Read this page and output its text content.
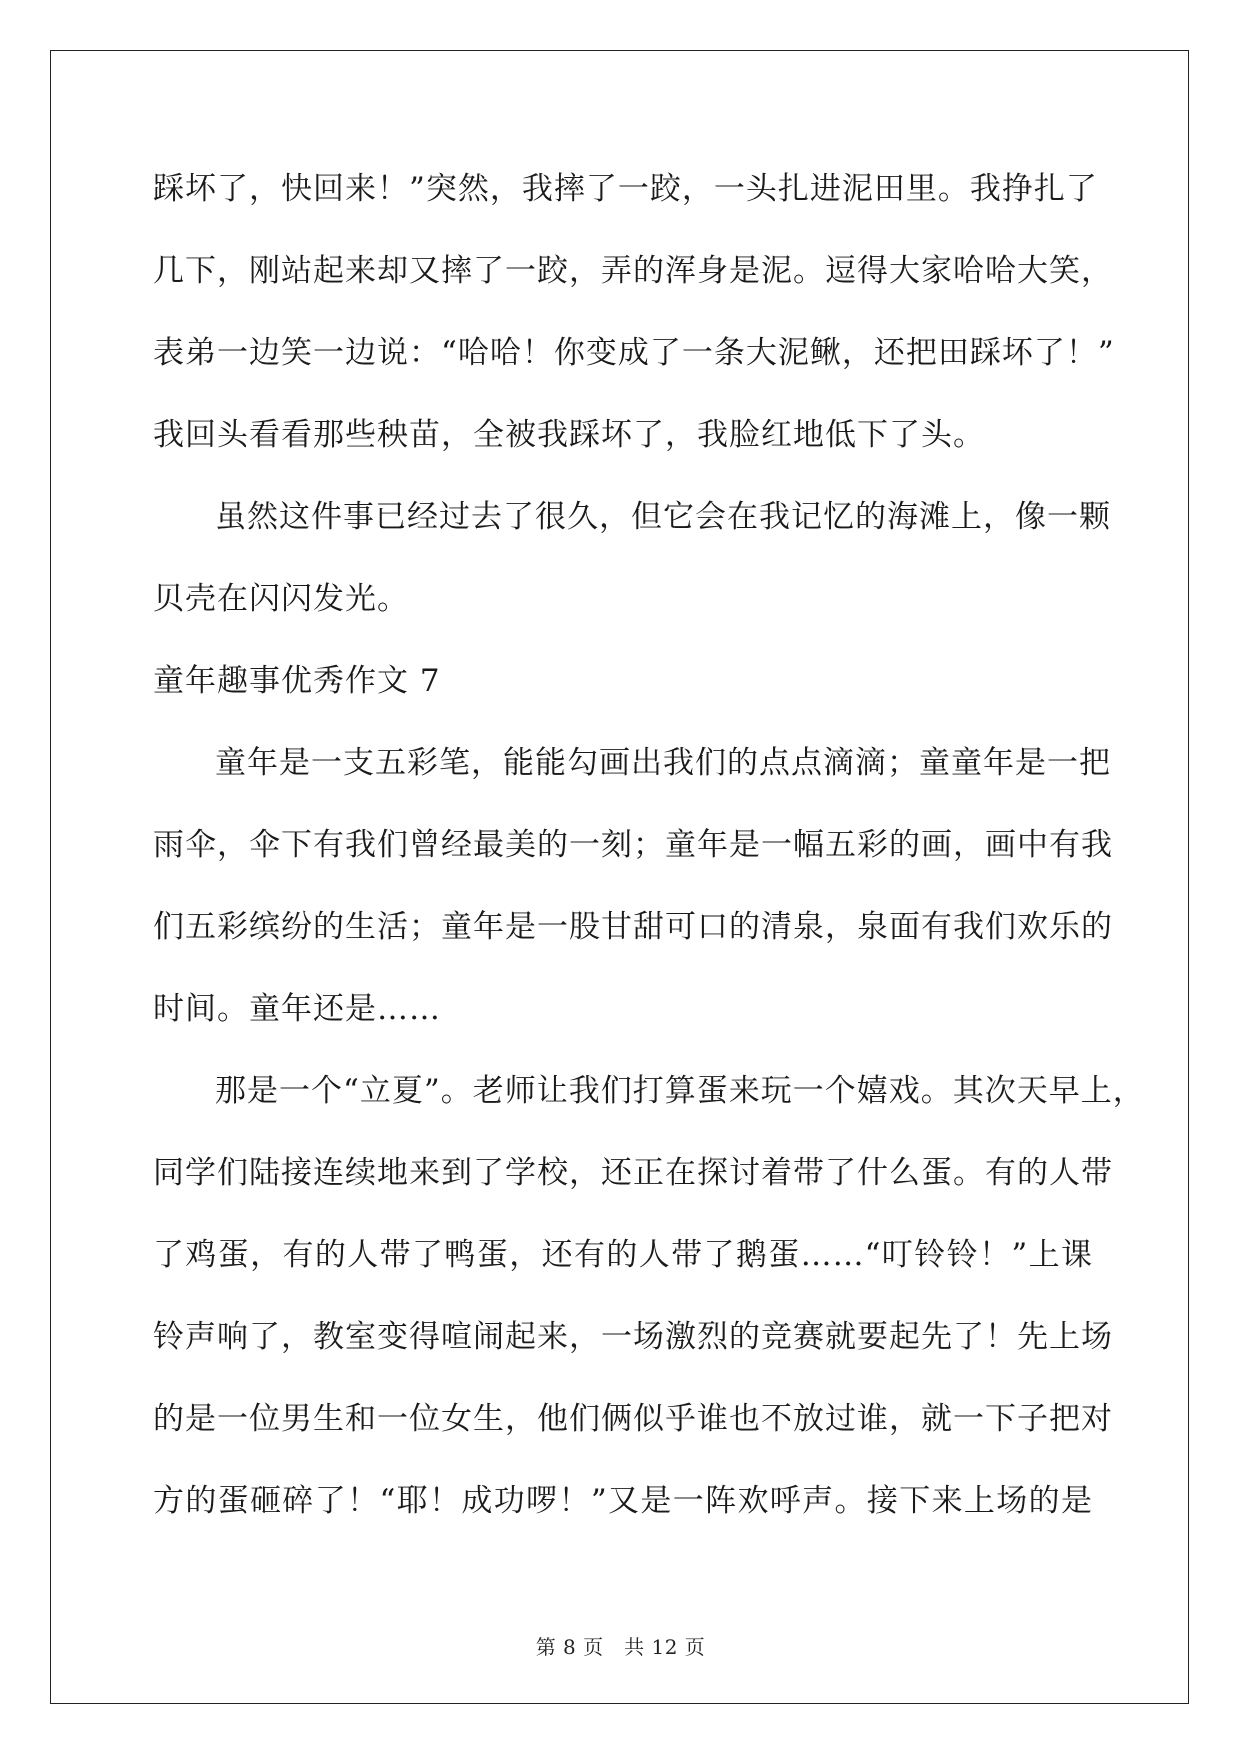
踩坏了，快回来！”突然，我摔了一跤，一头扎进泥田里。我挣扎了
几下，刚站起来却又摔了一跤，弄的浑身是泥。逗得大家哈哈大笑，
表弟一边笑一边说：“哈哈！你变成了一条大泥鳅，还把田踩坏了！”
我回头看看那些秧苗，全被我踩坏了，我脸红地低下了头。
虽然这件事已经过去了很久，但它会在我记忆的海滩上，像一颗
贝壳在闪闪发光。
童年趣事优秀作文 7
童年是一支五彩笔，能能勾画出我们的点点滴滴；童童年是一把
雨伞，伞下有我们曾经最美的一刻；童年是一幅五彩的画，画中有我
们五彩缤纷的生活；童年是一股甘甜可口的清泉，泉面有我们欢乐的
时间。童年还是……
那是一个“立夏”。老师让我们打算蛋来玩一个嬉戏。其次天早上，
同学们陆接连续地来到了学校，还正在探讨着带了什么蛋。有的人带
了鸡蛋，有的人带了鸭蛋，还有的人带了鹅蛋……“叮铃铃！”上课
铃声响了，教室变得喧闹起来，一场激烈的竞赛就要起先了！先上场
的是一位男生和一位女生，他们俩似乎谁也不放过谁，就一下子把对
方的蛋砸碎了！“耶！成功啰！”又是一阵欢呼声。接下来上场的是
第 8 页　共 12 页
